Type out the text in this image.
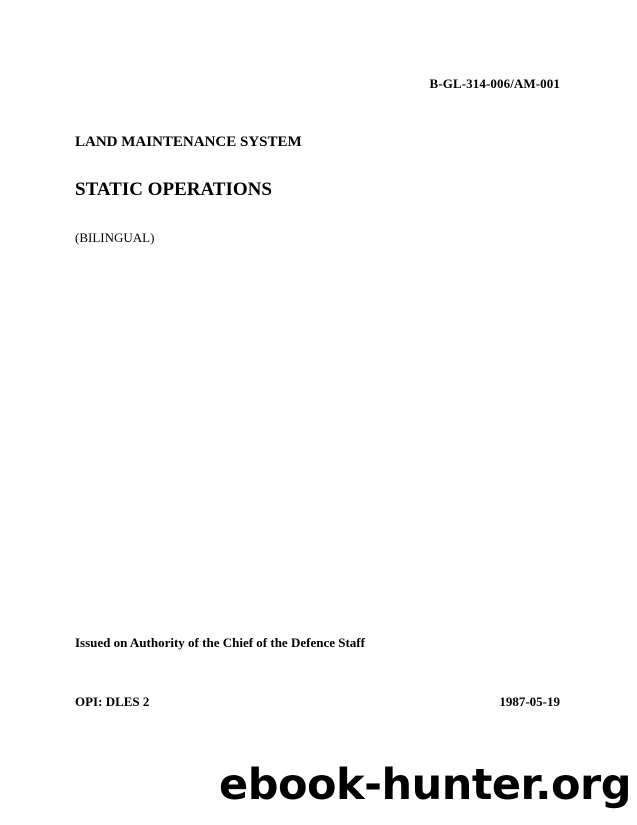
B-GL-314-006/AM-001
LAND MAINTENANCE SYSTEM
STATIC OPERATIONS
(BILINGUAL)
Issued on Authority of the Chief of the Defence Staff
OPI: DLES 2	1987-05-19
ebook-hunter.org
